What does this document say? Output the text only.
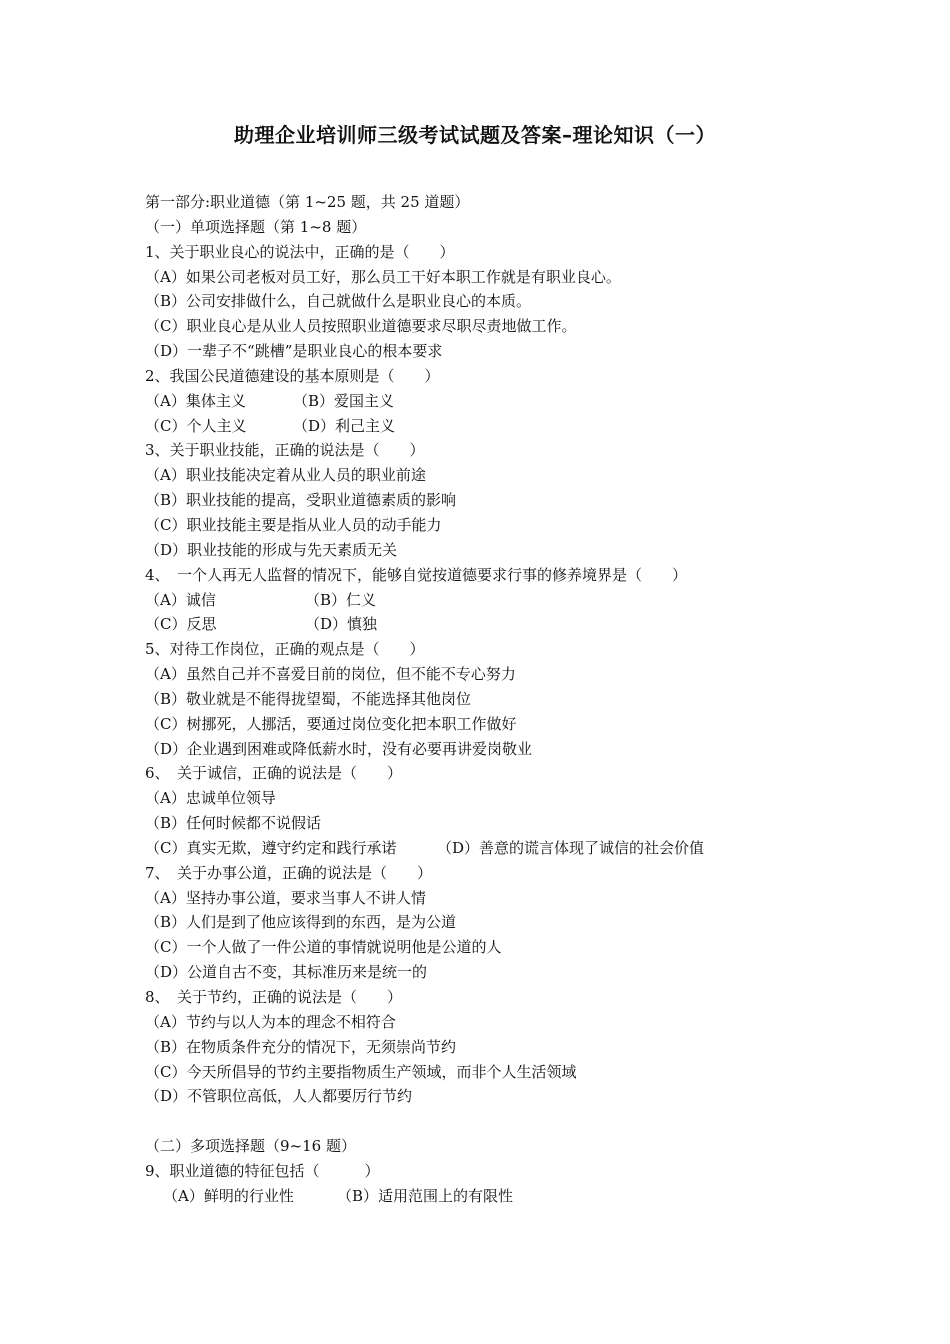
助理企业培训师三级考试试题及答案–理论知识（一）
第一部分:职业道德（第 1~25 题，共 25 道题）
（一）单项选择题（第 1~8 题）
1、关于职业良心的说法中，正确的是（　　）
（A）如果公司老板对员工好，那么员工干好本职工作就是有职业良心。
（B）公司安排做什么，自己就做什么是职业良心的本质。
（C）职业良心是从业人员按照职业道德要求尽职尽责地做工作。
（D）一辈子不“跳槽”是职业良心的根本要求
2、我国公民道德建设的基本原则是（　　）
（A）集体主义	（B）爱国主义
（C）个人主义	（D）利己主义
3、关于职业技能，正确的说法是（　　）
（A）职业技能决定着从业人员的职业前途
（B）职业技能的提高，受职业道德素质的影响
（C）职业技能主要是指从业人员的动手能力
（D）职业技能的形成与先天素质无关
4、　一个人再无人监督的情况下，能够自觉按道德要求行事的修养境界是（　　）
（A）诚信	（B）仁义
（C）反思	（D）慎独
5、对待工作岗位，正确的观点是（　　）
（A）虽然自己并不喜爱目前的岗位，但不能不专心努力
（B）敬业就是不能得拢望蜀，不能选择其他岗位
（C）树挪死，人挪活，要通过岗位变化把本职工作做好
（D）企业遇到困难或降低薪水时，没有必要再讲爱岗敬业
6、　关于诚信，正确的说法是（　　）
（A）忠诚单位领导
（B）任何时候都不说假话
（C）真实无欺，遵守约定和践行承诺	（D）善意的谎言体现了诚信的社会价值
7、　关于办事公道，正确的说法是（　　）
（A）坚持办事公道，要求当事人不讲人情
（B）人们是到了他应该得到的东西，是为公道
（C）一个人做了一件公道的事情就说明他是公道的人
（D）公道自古不变，其标准历来是统一的
8、　关于节约，正确的说法是（　　）
（A）节约与以人为本的理念不相符合
（B）在物质条件充分的情况下，无须崇尚节约
（C）今天所倡导的节约主要指物质生产领域，而非个人生活领域
（D）不管职位高低，人人都要厉行节约
（二）多项选择题（9~16 题）
9、职业道德的特征包括（　　　）
（A）鲜明的行业性	（B）适用范围上的有限性
